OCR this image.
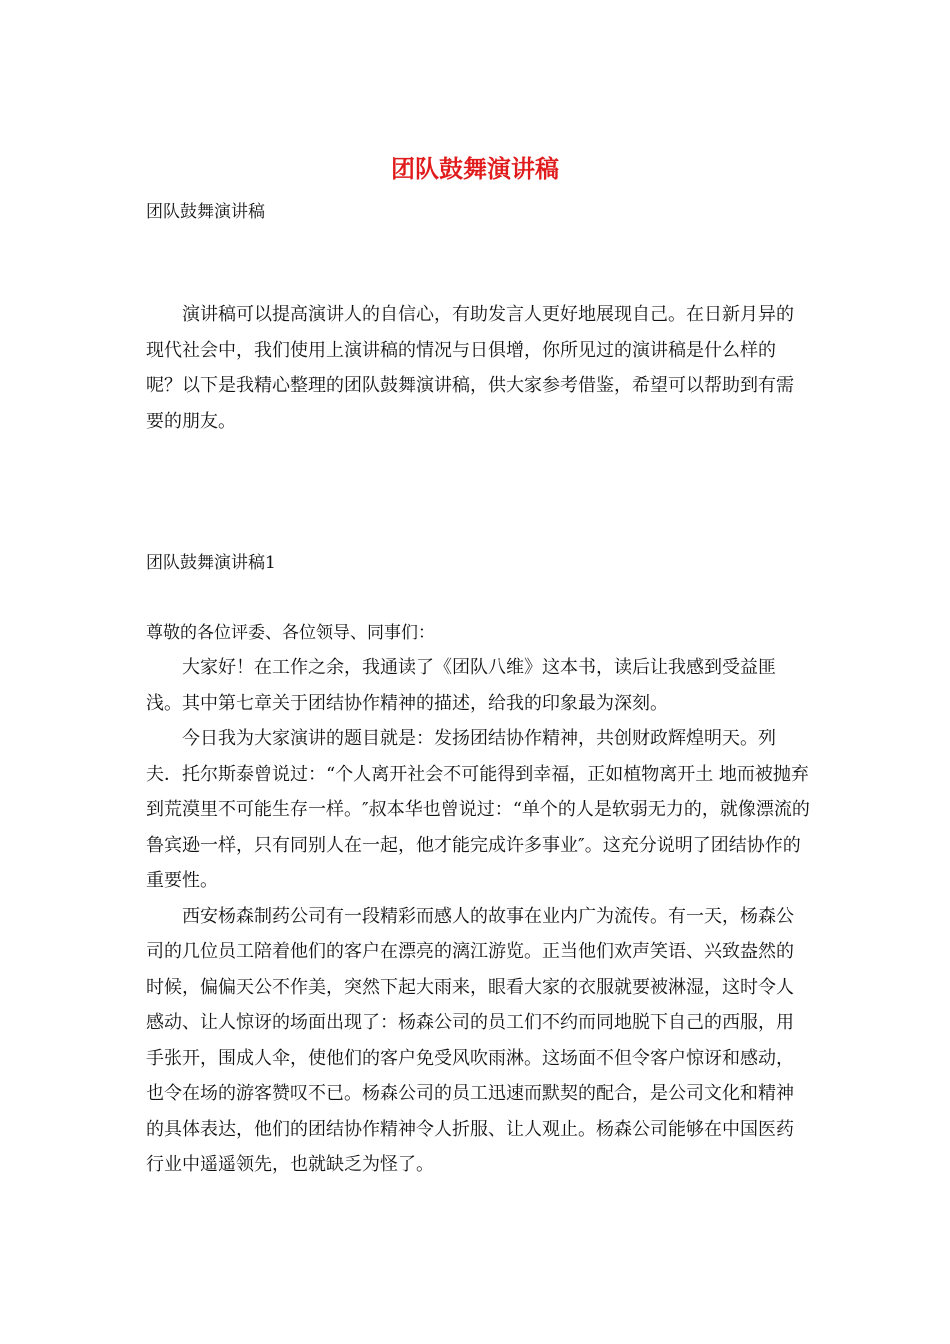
团队鼓舞演讲稿
团队鼓舞演讲稿

演讲稿可以提高演讲人的自信心，有助发言人更好地展现自己。在日新月异的现代社会中，我们使用上演讲稿的情况与日俱增，你所见过的演讲稿是什么样的呢？以下是我精心整理的团队鼓舞演讲稿，供大家参考借鉴，希望可以帮助到有需要的朋友。

团队鼓舞演讲稿1
尊敬的各位评委、各位领导、同事们：

大家好！在工作之余，我通读了《团队八维》这本书，读后让我感到受益匪浅。其中第七章关于团结协作精神的描述，给我的印象最为深刻。

今日我为大家演讲的题目就是：发扬团结协作精神，共创财政辉煌明天。列夫．托尔斯泰曾说过：“个人离开社会不可能得到幸福，正如植物离开土 地而被抛弃到荒漠里不可能生存一样。″叔本华也曾说过：“单个的人是软弱无力的，就像漂流的鲁宾逊一样，只有同别人在一起，他才能完成许多事业″。这充分说明了团结协作的重要性。

西安杨森制药公司有一段精彩而感人的故事在业内广为流传。有一天，杨森公司的几位员工陪着他们的客户在漂亮的漓江游览。正当他们欢声笑语、兴致盎然的时候，偏偏天公不作美，突然下起大雨来，眼看大家的衣服就要被淋湿，这时令人感动、让人惊讶的场面出现了：杨森公司的员工们不约而同地脱下自己的西服，用手张开，围成人伞，使他们的客户免受风吹雨淋。这场面不但令客户惊讶和感动，也令在场的游客赞叹不已。杨森公司的员工迅速而默契的配合，是公司文化和精神的具体表达，他们的团结协作精神令人折服、让人观止。杨森公司能够在中国医药行业中遥遥领先，也就缺乏为怪了。
